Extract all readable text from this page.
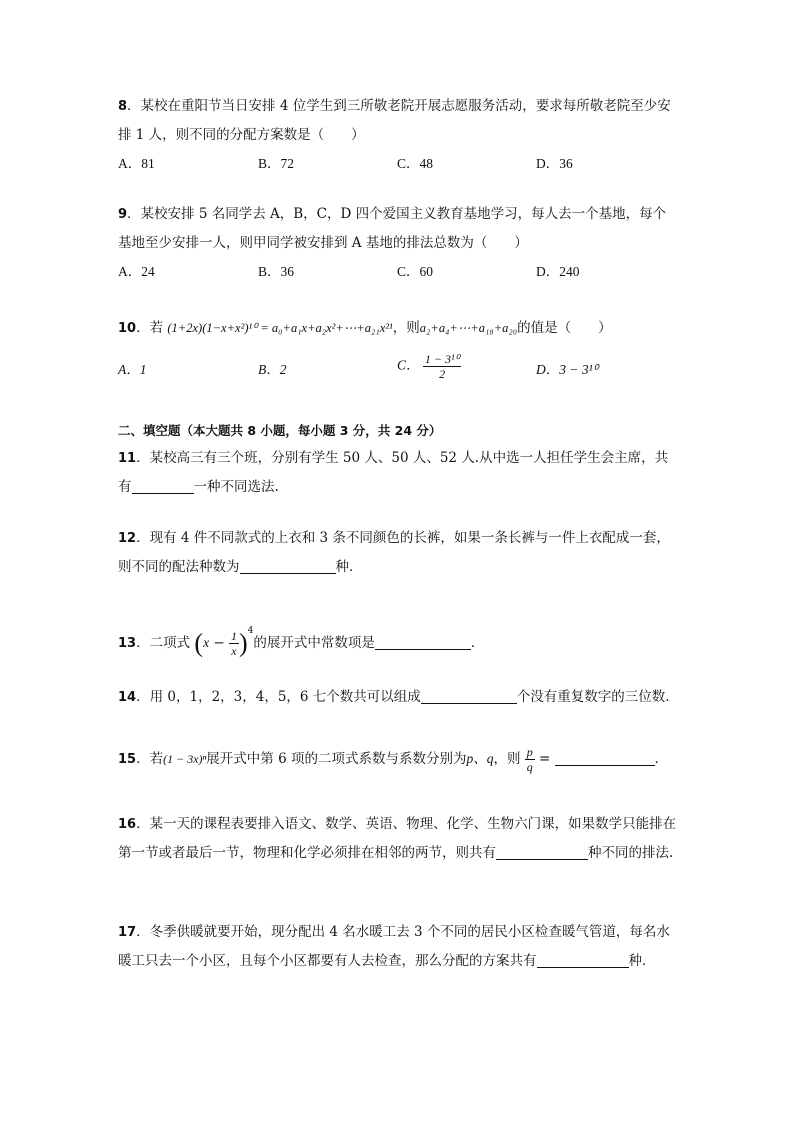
8．某校在重阳节当日安排 4 位学生到三所敬老院开展志愿服务活动，要求每所敬老院至少安排 1 人，则不同的分配方案数是（　　）
A．81	B．72	C．48	D．36
9．某校安排 5 名同学去 A，B，C，D 四个爱国主义教育基地学习，每人去一个基地，每个基地至少安排一人，则甲同学被安排到 A 基地的排法总数为（　　）
A．24	B．36	C．60	D．240
10．若 (1+2x)(1−x+x²)¹⁰ = a₀+a₁x+a₂x²+⋯+a₂₁x²¹，则a₂+a₄+⋯+a₁₈+a₂₀的值是（　　）
A．1	B．2	C． $\frac{\text{1 − 3¹⁰}}{2}$	D．3 − 3¹⁰
二、填空题（本大题共 8 小题，每小题 3 分，共 24 分）
11．某校高三有三个班，分别有学生 50 人、50 人、52 人.从中选一人担任学生会主席，共有	一种不同选法.
12．现有 4 件不同款式的上衣和 3 条不同颜色的长裤，如果一条长裤与一件上衣配成一套，则不同的配法种数为	种．
13．二项式 $(x - \frac{1}{x} )^4$的展开式中常数项是	．
14．用 0，1，2，3，4，5，6 七个数共可以组成	个没有重复数字的三位数.
15．若(1 − 3x)ⁿ展开式中第 6 项的二项式系数与系数分别为p、q，则 $\frac{p}{q}$ =	．
16．某一天的课程表要排入语文、数学、英语、物理、化学、生物六门课，如果数学只能排在第一节或者最后一节，物理和化学必须排在相邻的两节，则共有	种不同的排法.
17．冬季供暖就要开始，现分配出 4 名水暖工去 3 个不同的居民小区检查暖气管道，每名水暖工只去一个小区，且每个小区都要有人去检查，那么分配的方案共有	种．
